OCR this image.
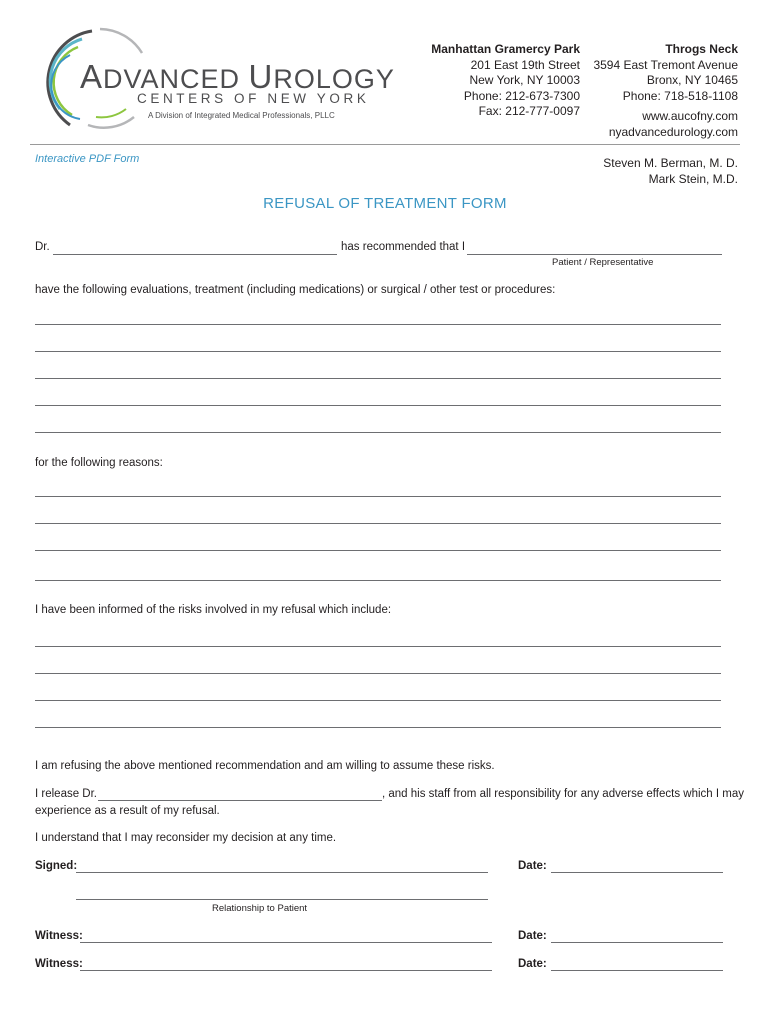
ADVANCED UROLOGY
CENTERS OF NEW YORK
A Division of Integrated Medical Professionals, PLLC
Manhattan Gramercy Park
201 East 19th Street
New York, NY 10003
Phone: 212-673-7300
Fax: 212-777-0097
Throgs Neck
3594 East Tremont Avenue
Bronx, NY 10465
Phone: 718-518-1108
www.aucofny.com
nyadvancedurology.com
Interactive PDF Form	Steven M. Berman, M. D.
Mark Stein, M.D.
REFUSAL OF TREATMENT FORM
Dr.	has recommended that I
Patient / Representative
have the following evaluations, treatment (including medications) or surgical / other test or procedures:
for the following reasons:
I have been informed of the risks involved in my refusal which include:
I am refusing the above mentioned recommendation and am willing to assume these risks.
I release Dr.	, and his staff from all responsibility for any adverse effects which I may
experience as a result of my refusal.
I understand that I may reconsider my decision at any time.
Signed:	Date:
Relationship to Patient
Witness:	Date:
Witness:	Date:
